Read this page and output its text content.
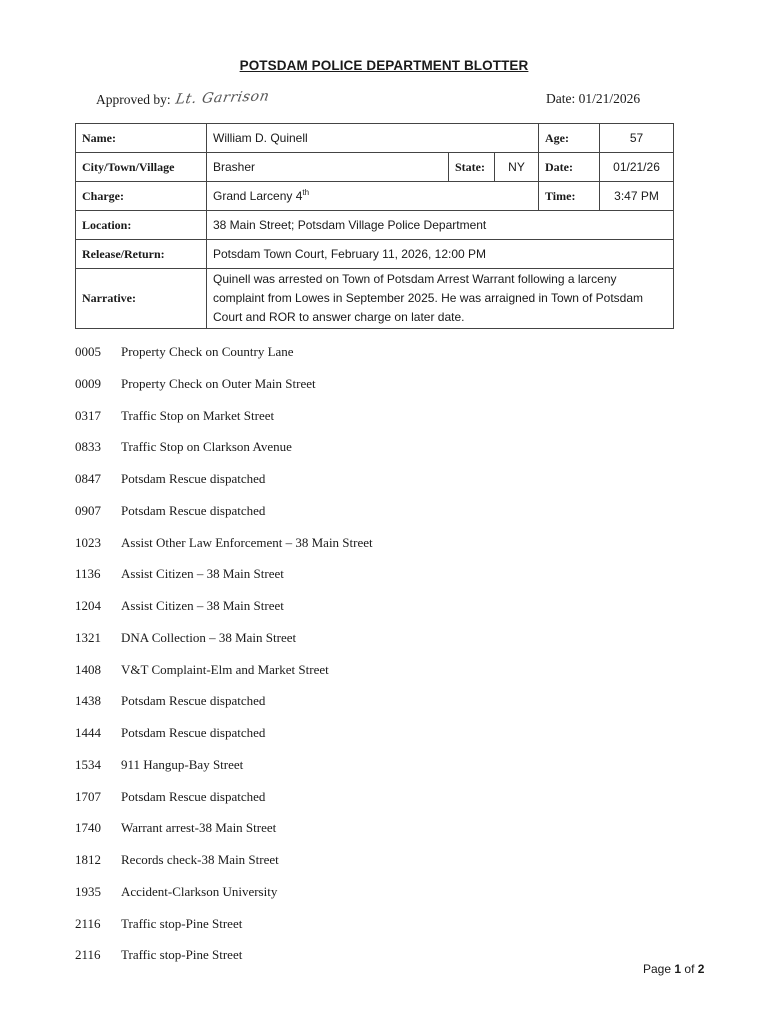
POTSDAM POLICE DEPARTMENT BLOTTER
Approved by: Lt. Garrison	Date: 01/21/2026
Name:	William D. Quinell			Age:	57
City/Town/Village	Brasher	State:	NY	Date:	01/21/26
Charge:	Grand Larceny 4th			Time:	3:47 PM
Location:	38 Main Street; Potsdam Village Police Department				
Release/Return:	Potsdam Town Court, February 11, 2026, 12:00 PM				
Narrative:	Quinell was arrested on Town of Potsdam Arrest Warrant following a larceny complaint from Lowes in September 2025. He was arraigned in Town of Potsdam Court and ROR to answer charge on later date.				
0005	Property Check on Country Lane
0009	Property Check on Outer Main Street
0317	Traffic Stop on Market Street
0833	Traffic Stop on Clarkson Avenue
0847	Potsdam Rescue dispatched
0907	Potsdam Rescue dispatched
1023	Assist Other Law Enforcement – 38 Main Street
1136	Assist Citizen – 38 Main Street
1204	Assist Citizen – 38 Main Street
1321	DNA Collection – 38 Main Street
1408	V&T Complaint-Elm and Market Street
1438	Potsdam Rescue dispatched
1444	Potsdam Rescue dispatched
1534	911 Hangup-Bay Street
1707	Potsdam Rescue dispatched
1740	Warrant arrest-38 Main Street
1812	Records check-38 Main Street
1935	Accident-Clarkson University
2116	Traffic stop-Pine Street
2116	Traffic stop-Pine Street
Page 1 of 2
